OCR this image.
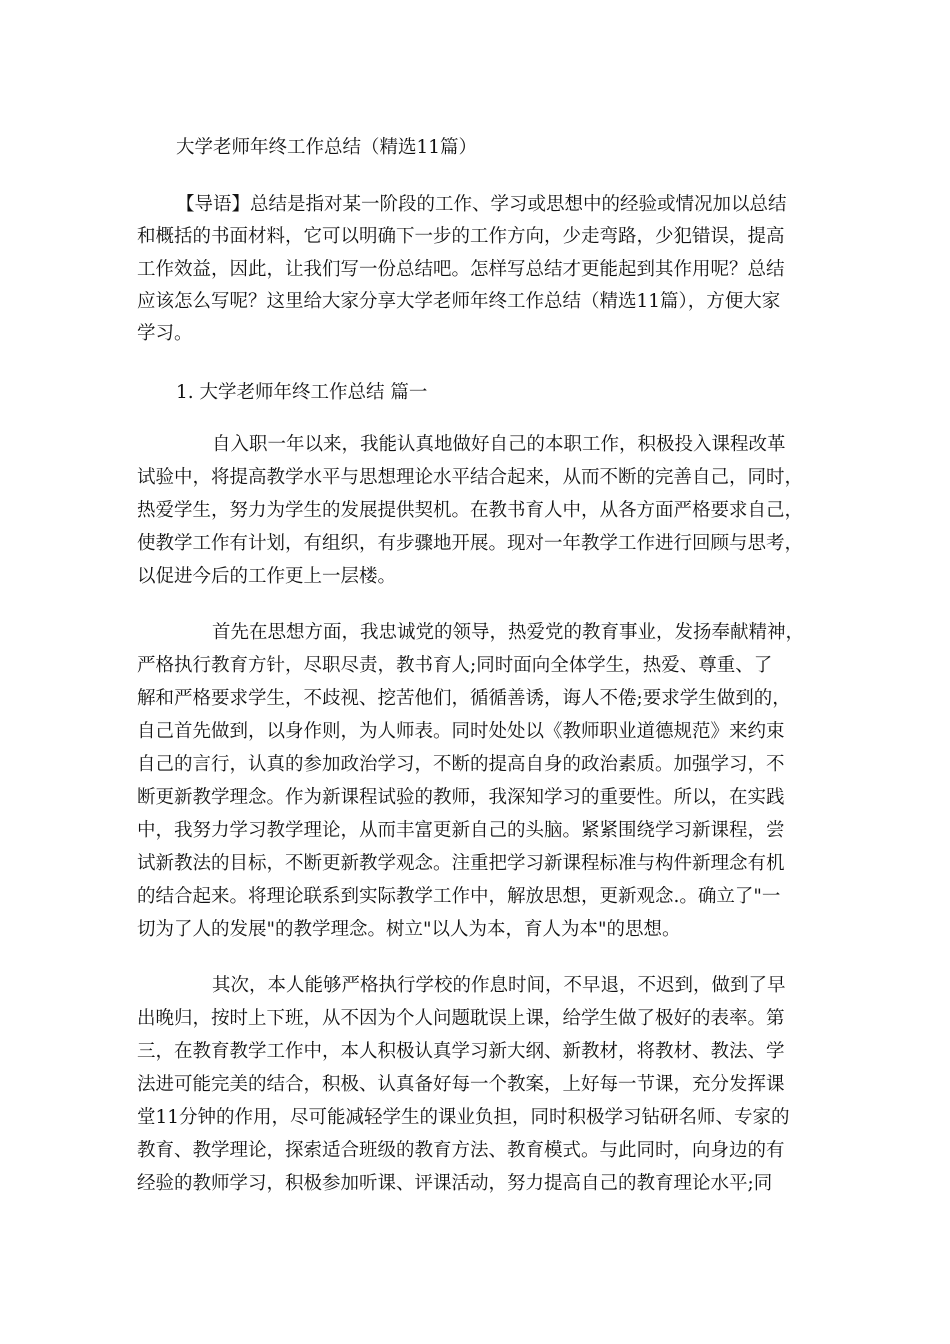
大学老师年终工作总结（精选11篇）

【导语】总结是指对某一阶段的工作、学习或思想中的经验或情况加以总结

和概括的书面材料，它可以明确下一步的工作方向，少走弯路，少犯错误，提高

工作效益，因此，让我们写一份总结吧。怎样写总结才更能起到其作用呢？总结

应该怎么写呢？这里给大家分享大学老师年终工作总结（精选11篇），方便大家

学习。

1. 大学老师年终工作总结 篇一

自入职一年以来，我能认真地做好自己的本职工作，积极投入课程改革

试验中，将提高教学水平与思想理论水平结合起来，从而不断的完善自己，同时，

热爱学生，努力为学生的发展提供契机。在教书育人中，从各方面严格要求自己，

使教学工作有计划，有组织，有步骤地开展。现对一年教学工作进行回顾与思考，

以促进今后的工作更上一层楼。

首先在思想方面，我忠诚党的领导，热爱党的教育事业，发扬奉献精神，

严格执行教育方针，尽职尽责，教书育人;同时面向全体学生，热爱、尊重、了

解和严格要求学生，不歧视、挖苦他们，循循善诱，诲人不倦;要求学生做到的，

自己首先做到，以身作则，为人师表。同时处处以《教师职业道德规范》来约束

自己的言行，认真的参加政治学习，不断的提高自身的政治素质。加强学习，不

断更新教学理念。作为新课程试验的教师，我深知学习的重要性。所以，在实践

中，我努力学习教学理论，从而丰富更新自己的头脑。紧紧围绕学习新课程，尝

试新教法的目标，不断更新教学观念。注重把学习新课程标准与构件新理念有机

的结合起来。将理论联系到实际教学工作中，解放思想，更新观念.。确立了"一

切为了人的发展"的教学理念。树立"以人为本，育人为本"的思想。

其次，本人能够严格执行学校的作息时间，不早退，不迟到，做到了早

出晚归，按时上下班，从不因为个人问题耽误上课，给学生做了极好的表率。第

三，在教育教学工作中，本人积极认真学习新大纲、新教材，将教材、教法、学

法进可能完美的结合，积极、认真备好每一个教案，上好每一节课，充分发挥课

堂11分钟的作用，尽可能减轻学生的课业负担，同时积极学习钻研名师、专家的

教育、教学理论，探索适合班级的教育方法、教育模式。与此同时，向身边的有

经验的教师学习，积极参加听课、评课活动，努力提高自己的教育理论水平;同
